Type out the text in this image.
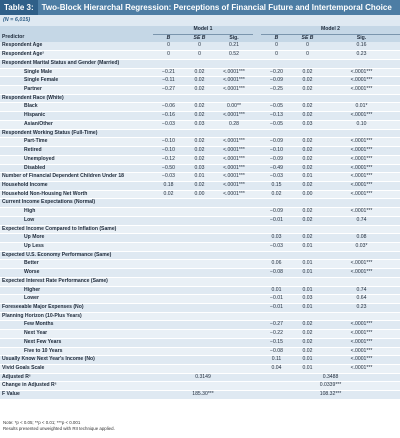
Table 3:	Two-Block Hierarchal Regression: Perceptions of Financial Future and Intertemporal Choice
(N = 6,015)
	Model 1				Model 2		
Predictor	B	SE B	Sig.		B	SE B	Sig.
Respondent Age	0	0	0.21		0	0	0.16
Respondent Age²	0	0	0.52		0	0	0.23
Respondent Marital Status and Gender (Married)							
Single Male	−0.21	0.02	<.0001***		−0.20	0.02	<.0001***
Single Female	−0.11	0.02	<.0001***		−0.09	0.02	<.0001***
Partner	−0.27	0.02	<.0001***		−0.25	0.02	<.0001***
Respondent Race (White)							
Black	−0.06	0.02	0.00**		−0.05	0.02	0.01*
Hispanic	−0.16	0.02	<.0001***		−0.13	0.02	<.0001***
Asian/Other	−0.03	0.03	0.28		−0.05	0.03	0.10
Respondent Working Status (Full-Time)							
Part-Time	−0.10	0.02	<.0001***		−0.09	0.02	<.0001***
Retired	−0.10	0.02	<.0001***		−0.10	0.02	<.0001***
Unemployed	−0.12	0.02	<.0001***		−0.09	0.02	<.0001***
Disabled	−0.50	0.03	<.0001***		−0.49	0.02	<.0001***
Number of Financial Dependent Children Under 18	−0.03	0.01	<.0001***		−0.03	0.01	<.0001***
Household Income	0.18	0.02	<.0001***		0.15	0.02	<.0001***
Household Non-Housing Net Worth	0.02	0.00	<.0001***		0.02	0.00	<.0001***
Current Income Expectations (Normal)							
High					−0.09	0.02	<.0001***
Low					−0.01	0.02	0.74
Expected Income Compared to Inflation (Same)							
Up More					0.03	0.02	0.08
Up Less					−0.03	0.01	0.03*
Expected U.S. Economy Performance (Same)							
Better					0.06	0.01	<.0001***
Worse					−0.08	0.01	<.0001***
Expected Interest Rate Performance (Same)							
Higher					0.01	0.01	0.74
Lower					−0.01	0.03	0.64
Foreseeable Major Expenses (No)					−0.01	0.01	0.23
Planning Horizon (10-Plus Years)							
Few Months					−0.27	0.02	<.0001***
Next Year					−0.22	0.02	<.0001***
Next Few Years					−0.15	0.02	<.0001***
Five to 10 Years					−0.08	0.02	<.0001***
Usually Know Next Year's Income (No)					0.11	0.01	<.0001***
Vivid Goals Scale					0.04	0.01	<.0001***
Adjusted R²	0.3149				0.3488		
Change in Adjusted R²					0.0339***		
F Value	185.30***				108.32***		
Note: *p < 0.05; **p < 0.01; ***p < 0.001
Results presented unweighted with RII technique applied.
